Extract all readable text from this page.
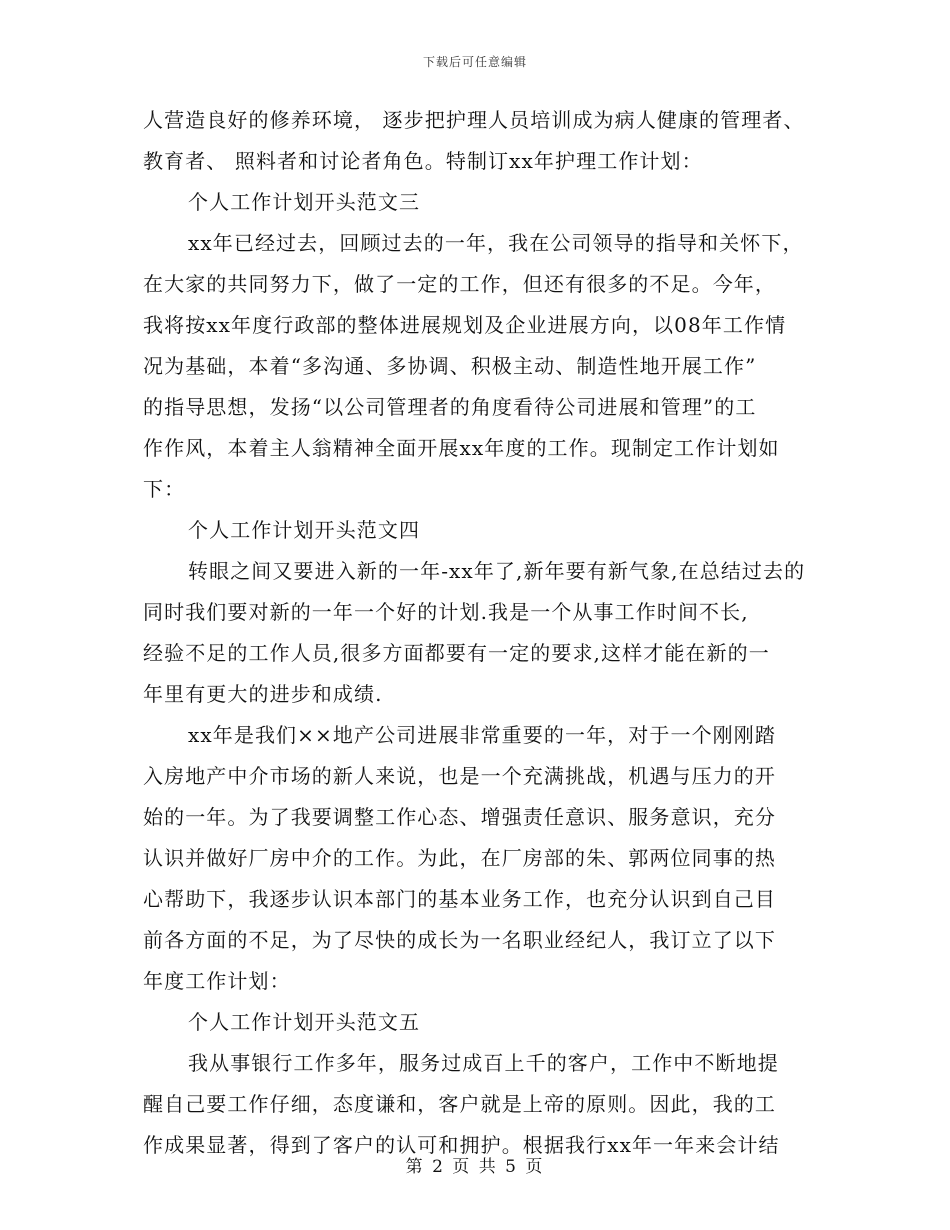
下载后可任意编辑
人营造良好的修养环境， 逐步把护理人员培训成为病人健康的管理者、
教育者、 照料者和讨论者角色。特制订xx年护理工作计划：
个人工作计划开头范文三
xx年已经过去，回顾过去的一年，我在公司领导的指导和关怀下，
在大家的共同努力下，做了一定的工作，但还有很多的不足。今年，
我将按xx年度行政部的整体进展规划及企业进展方向，以08年工作情
况为基础，本着“多沟通、多协调、积极主动、制造性地开展工作”
的指导思想，发扬“以公司管理者的角度看待公司进展和管理”的工
作作风，本着主人翁精神全面开展xx年度的工作。现制定工作计划如
下：
个人工作计划开头范文四
转眼之间又要进入新的一年-xx年了,新年要有新气象,在总结过去的
同时我们要对新的一年一个好的计划.我是一个从事工作时间不长,
经验不足的工作人员,很多方面都要有一定的要求,这样才能在新的一
年里有更大的进步和成绩.
xx年是我们××地产公司进展非常重要的一年，对于一个刚刚踏
入房地产中介市场的新人来说，也是一个充满挑战，机遇与压力的开
始的一年。为了我要调整工作心态、增强责任意识、服务意识，充分
认识并做好厂房中介的工作。为此，在厂房部的朱、郭两位同事的热
心帮助下，我逐步认识本部门的基本业务工作，也充分认识到自己目
前各方面的不足，为了尽快的成长为一名职业经纪人，我订立了以下
年度工作计划：
个人工作计划开头范文五
我从事银行工作多年，服务过成百上千的客户，工作中不断地提
醒自己要工作仔细，态度谦和，客户就是上帝的原则。因此，我的工
作成果显著，得到了客户的认可和拥护。根据我行xx年一年来会计结
第 2 页 共 5 页
